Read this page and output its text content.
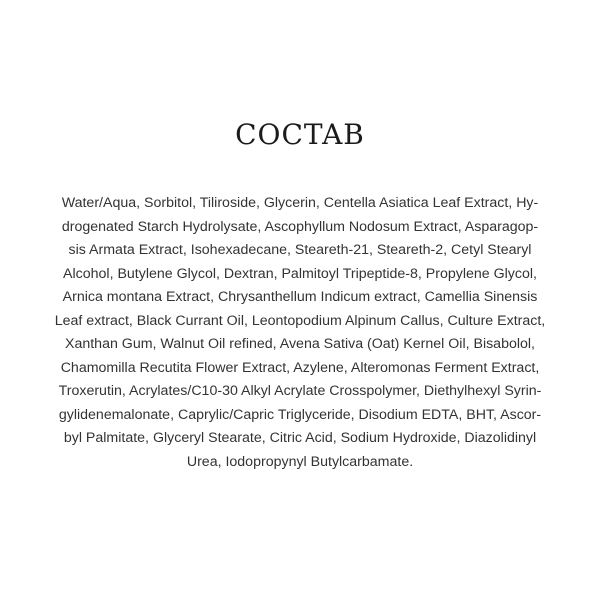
COCTAB

Water/Aqua, Sorbitol, Tiliroside, Glycerin, Centella Asiatica Leaf Extract, Hy-
drogenated Starch Hydrolysate, Ascophyllum Nodosum Extract, Asparagop-
sis Armata Extract, Isohexadecane, Steareth-21, Steareth-2, Cetyl Stearyl
Alcohol, Butylene Glycol, Dextran, Palmitoyl Tripeptide-8, Propylene Glycol,
Arnica montana Extract, Chrysanthellum Indicum extract, Camellia Sinensis
Leaf extract, Black Currant Oil, Leontopodium Alpinum Callus, Culture Extract,
Xanthan Gum, Walnut Oil refined, Avena Sativa (Oat) Kernel Oil, Bisabolol,
Chamomilla Recutita Flower Extract, Azylene, Alteromonas Ferment Extract,
Troxerutin, Acrylates/C10-30 Alkyl Acrylate Crosspolymer, Diethylhexyl Syrin-
gylidenemalonate, Caprylic/Capric Triglyceride, Disodium EDTA, BHT, Ascor-
byl Palmitate, Glyceryl Stearate, Citric Acid, Sodium Hydroxide, Diazolidinyl
Urea, Iodopropynyl Butylcarbamate.
